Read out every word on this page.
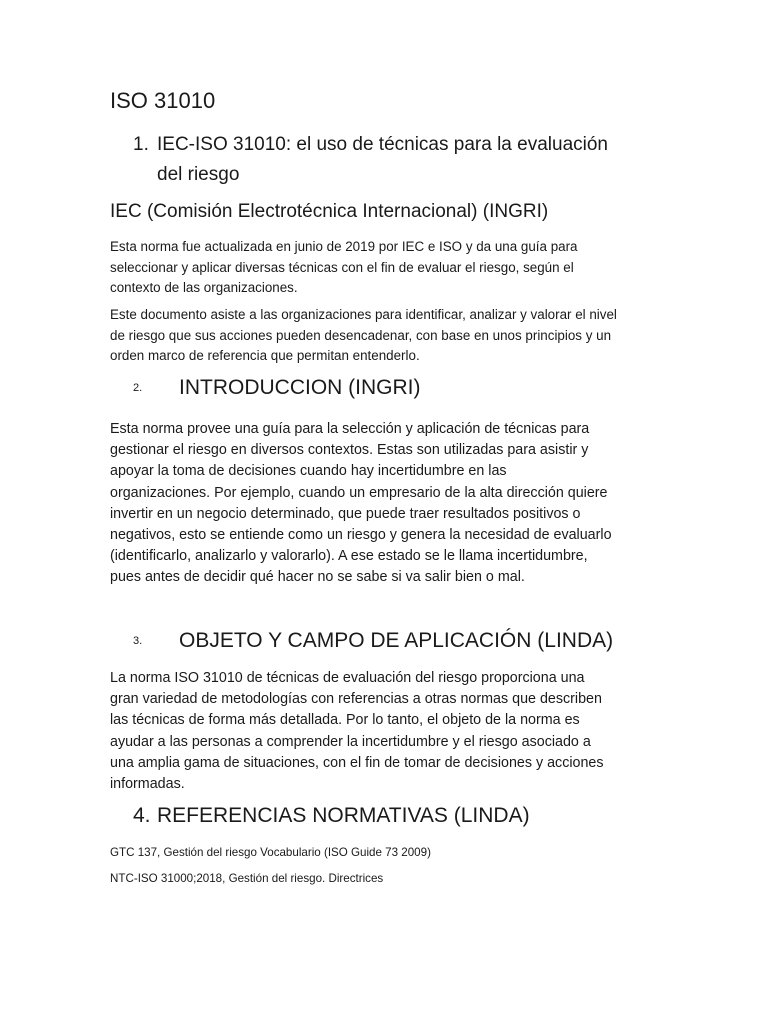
ISO 31010
1. IEC-ISO 31010: el uso de técnicas para la evaluación
del riesgo
IEC (Comisión Electrotécnica Internacional) (INGRI)
Esta norma fue actualizada en junio de 2019 por IEC e ISO y da una guía para
seleccionar y aplicar diversas técnicas con el fin de evaluar el riesgo, según el
contexto de las organizaciones.
Este documento asiste a las organizaciones para identificar, analizar y valorar el nivel
de riesgo que sus acciones pueden desencadenar, con base en unos principios y un
orden marco de referencia que permitan entenderlo.
2. INTRODUCCION (INGRI)
Esta norma provee una guía para la selección y aplicación de técnicas para
gestionar el riesgo en diversos contextos. Estas son utilizadas para asistir y
apoyar la toma de decisiones cuando hay incertidumbre en las
organizaciones. Por ejemplo, cuando un empresario de la alta dirección quiere
invertir en un negocio determinado, que puede traer resultados positivos o
negativos, esto se entiende como un riesgo y genera la necesidad de evaluarlo
(identificarlo, analizarlo y valorarlo). A ese estado se le llama incertidumbre,
pues antes de decidir qué hacer no se sabe si va salir bien o mal.
3. OBJETO Y CAMPO DE APLICACIÓN (LINDA)
La norma ISO 31010 de técnicas de evaluación del riesgo proporciona una
gran variedad de metodologías con referencias a otras normas que describen
las técnicas de forma más detallada. Por lo tanto, el objeto de la norma es
ayudar a las personas a comprender la incertidumbre y el riesgo asociado a
una amplia gama de situaciones, con el fin de tomar de decisiones y acciones
informadas.
4. REFERENCIAS NORMATIVAS (LINDA)
GTC 137, Gestión del riesgo Vocabulario (ISO Guide 73 2009)
NTC-ISO 31000;2018, Gestión del riesgo. Directrices
